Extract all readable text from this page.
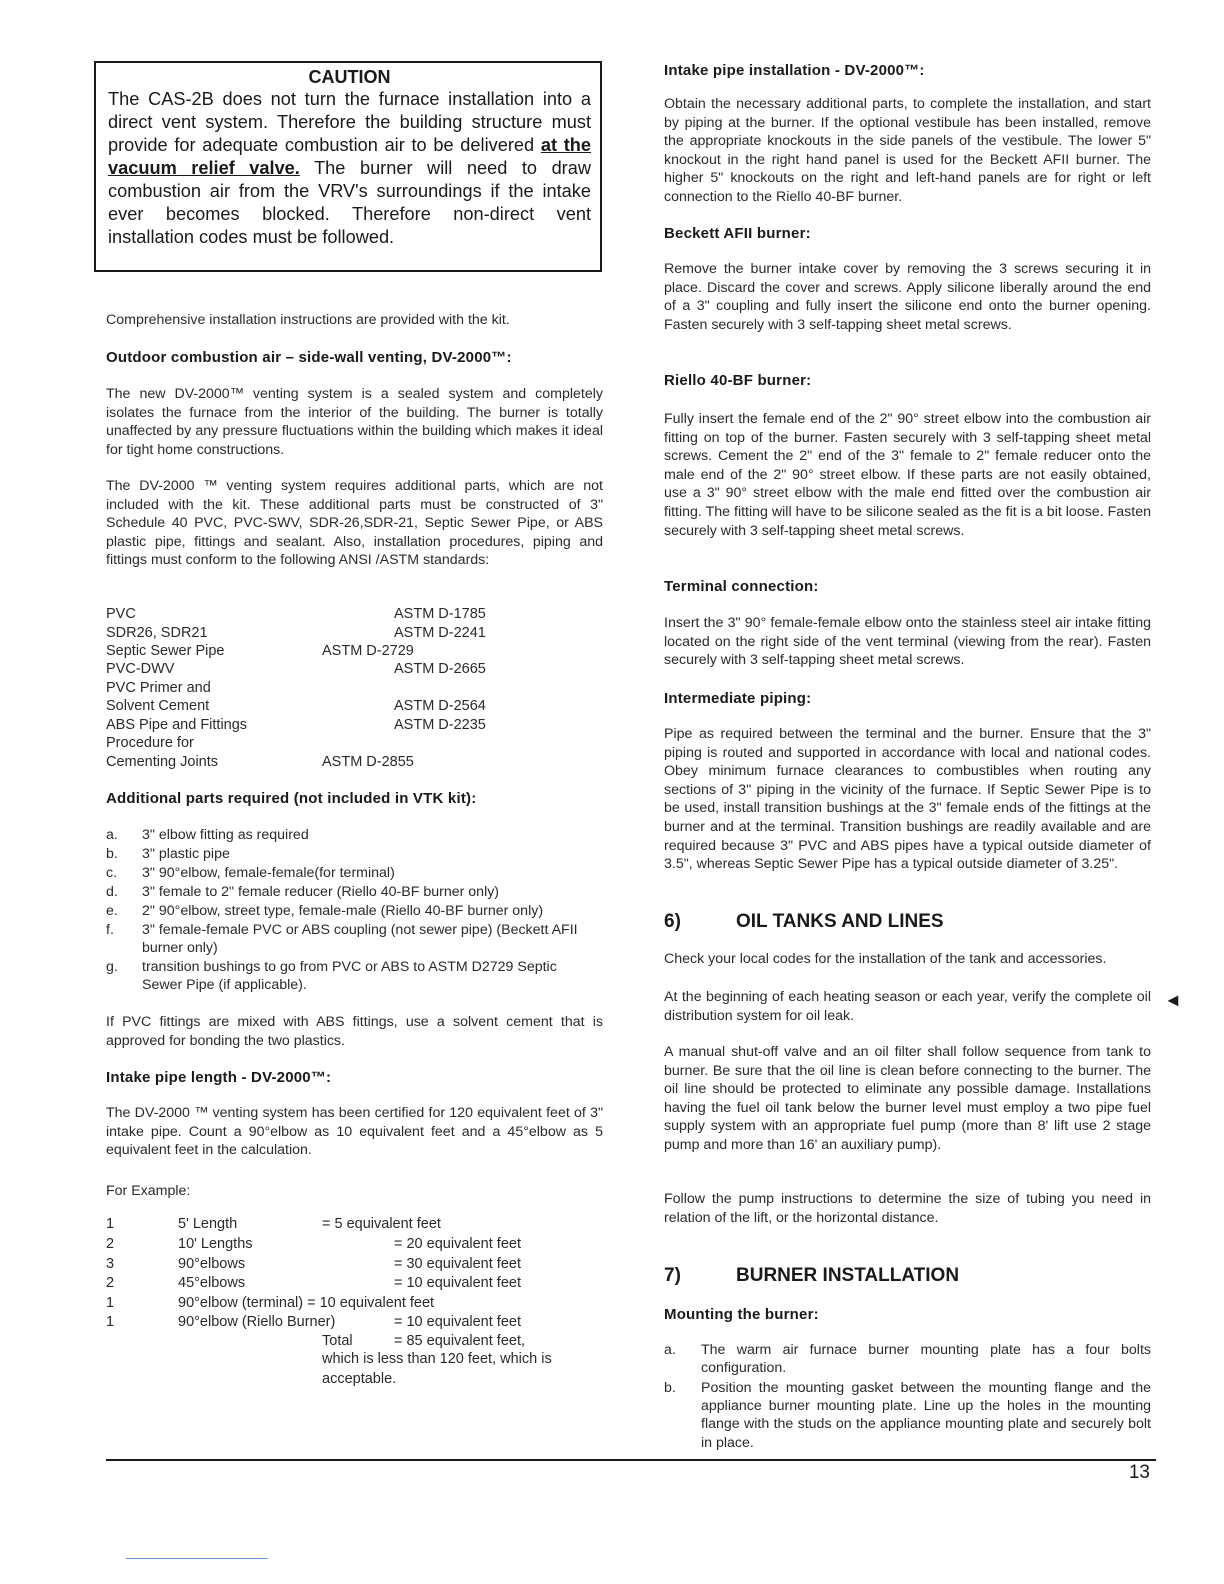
CAUTION
The CAS-2B does not turn the furnace installation into a direct vent system. Therefore the building structure must provide for adequate combustion air to be delivered at the vacuum relief valve. The burner will need to draw combustion air from the VRV's surroundings if the intake ever becomes blocked. Therefore non-direct vent installation codes must be followed.

Comprehensive installation instructions are provided with the kit.

Outdoor combustion air – side-wall venting, DV-2000™:

The new DV-2000™ venting system is a sealed system and completely isolates the furnace from the interior of the building. The burner is totally unaffected by any pressure fluctuations within the building which makes it ideal for tight home constructions.

The DV-2000 ™ venting system requires additional parts, which are not included with the kit. These additional parts must be constructed of 3" Schedule 40 PVC, PVC-SWV, SDR-26,SDR-21, Septic Sewer Pipe, or ABS plastic pipe, fittings and sealant. Also, installation procedures, piping and fittings must conform to the following ANSI /ASTM standards:

PVC	ASTM D-1785
SDR26, SDR21	ASTM D-2241
Septic Sewer Pipe	ASTM D-2729
PVC-DWV	ASTM D-2665
PVC Primer and
Solvent Cement	ASTM D-2564
ABS Pipe and Fittings	ASTM D-2235
Procedure for
Cementing Joints	ASTM D-2855
Additional parts required (not included in VTK kit):
a. 3" elbow fitting as required
b. 3" plastic pipe
c. 3" 90°elbow, female-female(for terminal)
d. 3" female to 2" female reducer (Riello 40-BF burner only)
e. 2" 90°elbow, street type, female-male (Riello 40-BF burner only)
f. 3" female-female PVC or ABS coupling (not sewer pipe) (Beckett AFII burner only)
g. transition bushings to go from PVC or ABS to ASTM D2729 Septic Sewer Pipe (if applicable).

If PVC fittings are mixed with ABS fittings, use a solvent cement that is approved for bonding the two plastics.

Intake pipe length - DV-2000™:

The DV-2000 ™ venting system has been certified for 120 equivalent feet of 3" intake pipe. Count a 90°elbow as 10 equivalent feet and a 45°elbow as 5 equivalent feet in the calculation.

For Example:

1	5' Length	= 5 equivalent feet
2	10' Lengths	= 20 equivalent feet
3	90°elbows	= 30 equivalent feet
2	45°elbows	= 10 equivalent feet
1	90°elbow (terminal) = 10 equivalent feet
1	90°elbow (Riello Burner)	= 10 equivalent feet
Total	= 85 equivalent feet,

which is less than 120 feet, which is acceptable.

Intake pipe installation - DV-2000™:

Obtain the necessary additional parts, to complete the installation, and start by piping at the burner. If the optional vestibule has been installed, remove the appropriate knockouts in the side panels of the vestibule. The lower 5" knockout in the right hand panel is used for the Beckett AFII burner. The higher 5" knockouts on the right and left-hand panels are for right or left connection to the Riello 40-BF burner.

Beckett AFII burner:

Remove the burner intake cover by removing the 3 screws securing it in place. Discard the cover and screws. Apply silicone liberally around the end of a 3" coupling and fully insert the silicone end onto the burner opening. Fasten securely with 3 self-tapping sheet metal screws.

Riello 40-BF burner:

Fully insert the female end of the 2" 90° street elbow into the combustion air fitting on top of the burner. Fasten securely with 3 self-tapping sheet metal screws. Cement the 2" end of the 3" female to 2" female reducer onto the male end of the 2" 90° street elbow. If these parts are not easily obtained, use a 3" 90° street elbow with the male end fitted over the combustion air fitting. The fitting will have to be silicone sealed as the fit is a bit loose. Fasten securely with 3 self-tapping sheet metal screws.

Terminal connection:

Insert the 3" 90° female-female elbow onto the stainless steel air intake fitting located on the right side of the vent terminal (viewing from the rear). Fasten securely with 3 self-tapping sheet metal screws.

Intermediate piping:

Pipe as required between the terminal and the burner. Ensure that the 3" piping is routed and supported in accordance with local and national codes. Obey minimum furnace clearances to combustibles when routing any sections of 3" piping in the vicinity of the furnace. If Septic Sewer Pipe is to be used, install transition bushings at the 3" female ends of the fittings at the burner and at the terminal. Transition bushings are readily available and are required because 3" PVC and ABS pipes have a typical outside diameter of 3.5", whereas Septic Sewer Pipe has a typical outside diameter of 3.25".

6)	OIL TANKS AND LINES

Check your local codes for the installation of the tank and accessories.

At the beginning of each heating season or each year, verify the complete oil distribution system for oil leak.

A manual shut-off valve and an oil filter shall follow sequence from tank to burner. Be sure that the oil line is clean before connecting to the burner. The oil line should be protected to eliminate any possible damage. Installations having the fuel oil tank below the burner level must employ a two pipe fuel supply system with an appropriate fuel pump (more than 8' lift use 2 stage pump and more than 16' an auxiliary pump).

Follow the pump instructions to determine the size of tubing you need in relation of the lift, or the horizontal distance.

7)	BURNER INSTALLATION
Mounting the burner:
a. The warm air furnace burner mounting plate has a four bolts configuration.
b. Position the mounting gasket between the mounting flange and the appliance burner mounting plate. Line up the holes in the mounting flange with the studs on the appliance mounting plate and securely bolt in place.
◄
13
